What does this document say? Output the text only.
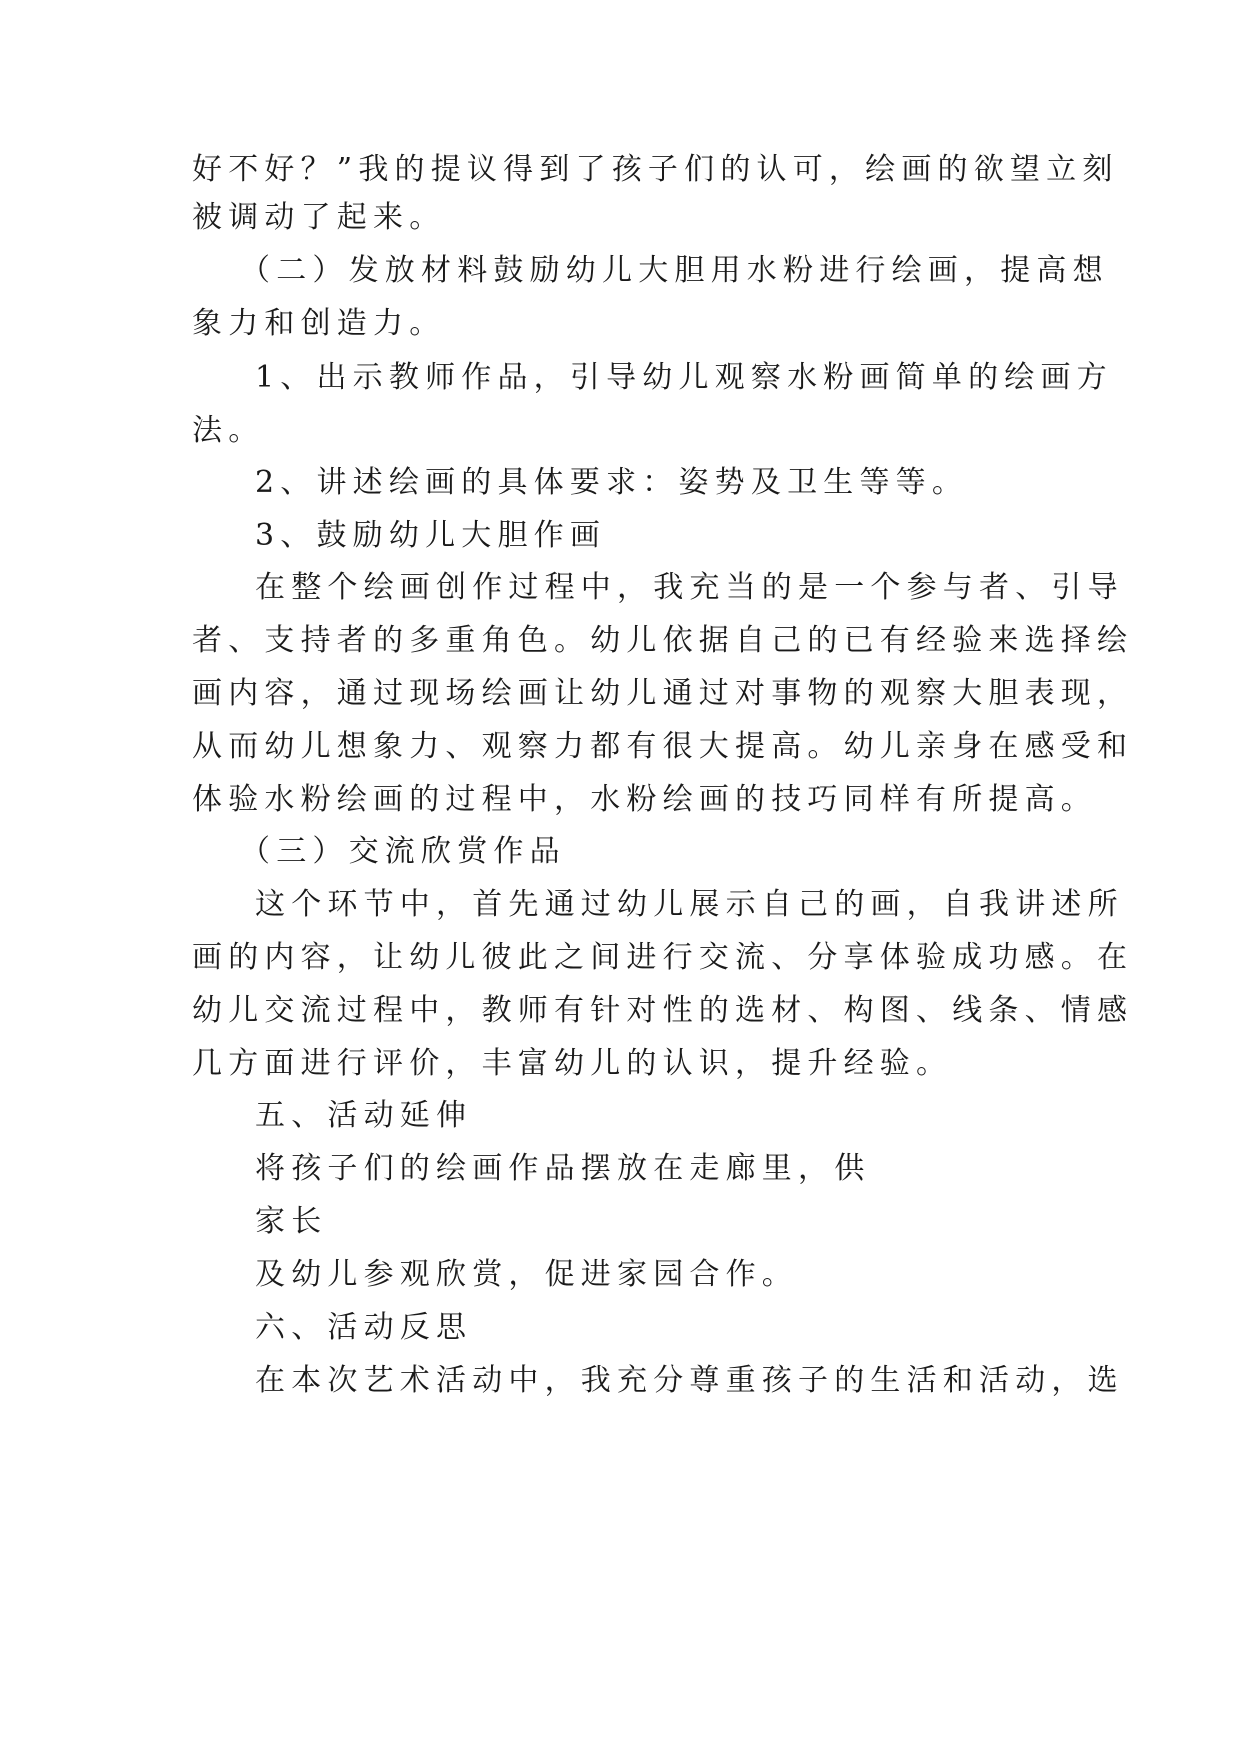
好不好？”我的提议得到了孩子们的认可，绘画的欲望立刻
被调动了起来。
（二）发放材料鼓励幼儿大胆用水粉进行绘画，提高想
象力和创造力。
1、出示教师作品，引导幼儿观察水粉画简单的绘画方
法。
2、讲述绘画的具体要求：姿势及卫生等等。
3、鼓励幼儿大胆作画
在整个绘画创作过程中，我充当的是一个参与者、引导
者、支持者的多重角色。幼儿依据自己的已有经验来选择绘
画内容，通过现场绘画让幼儿通过对事物的观察大胆表现，
从而幼儿想象力、观察力都有很大提高。幼儿亲身在感受和
体验水粉绘画的过程中，水粉绘画的技巧同样有所提高。
（三）交流欣赏作品
这个环节中，首先通过幼儿展示自己的画，自我讲述所
画的内容，让幼儿彼此之间进行交流、分享体验成功感。在
幼儿交流过程中，教师有针对性的选材、构图、线条、情感
几方面进行评价，丰富幼儿的认识，提升经验。
五、活动延伸
将孩子们的绘画作品摆放在走廊里，供
家长
及幼儿参观欣赏，促进家园合作。
六、活动反思
在本次艺术活动中，我充分尊重孩子的生活和活动，选
